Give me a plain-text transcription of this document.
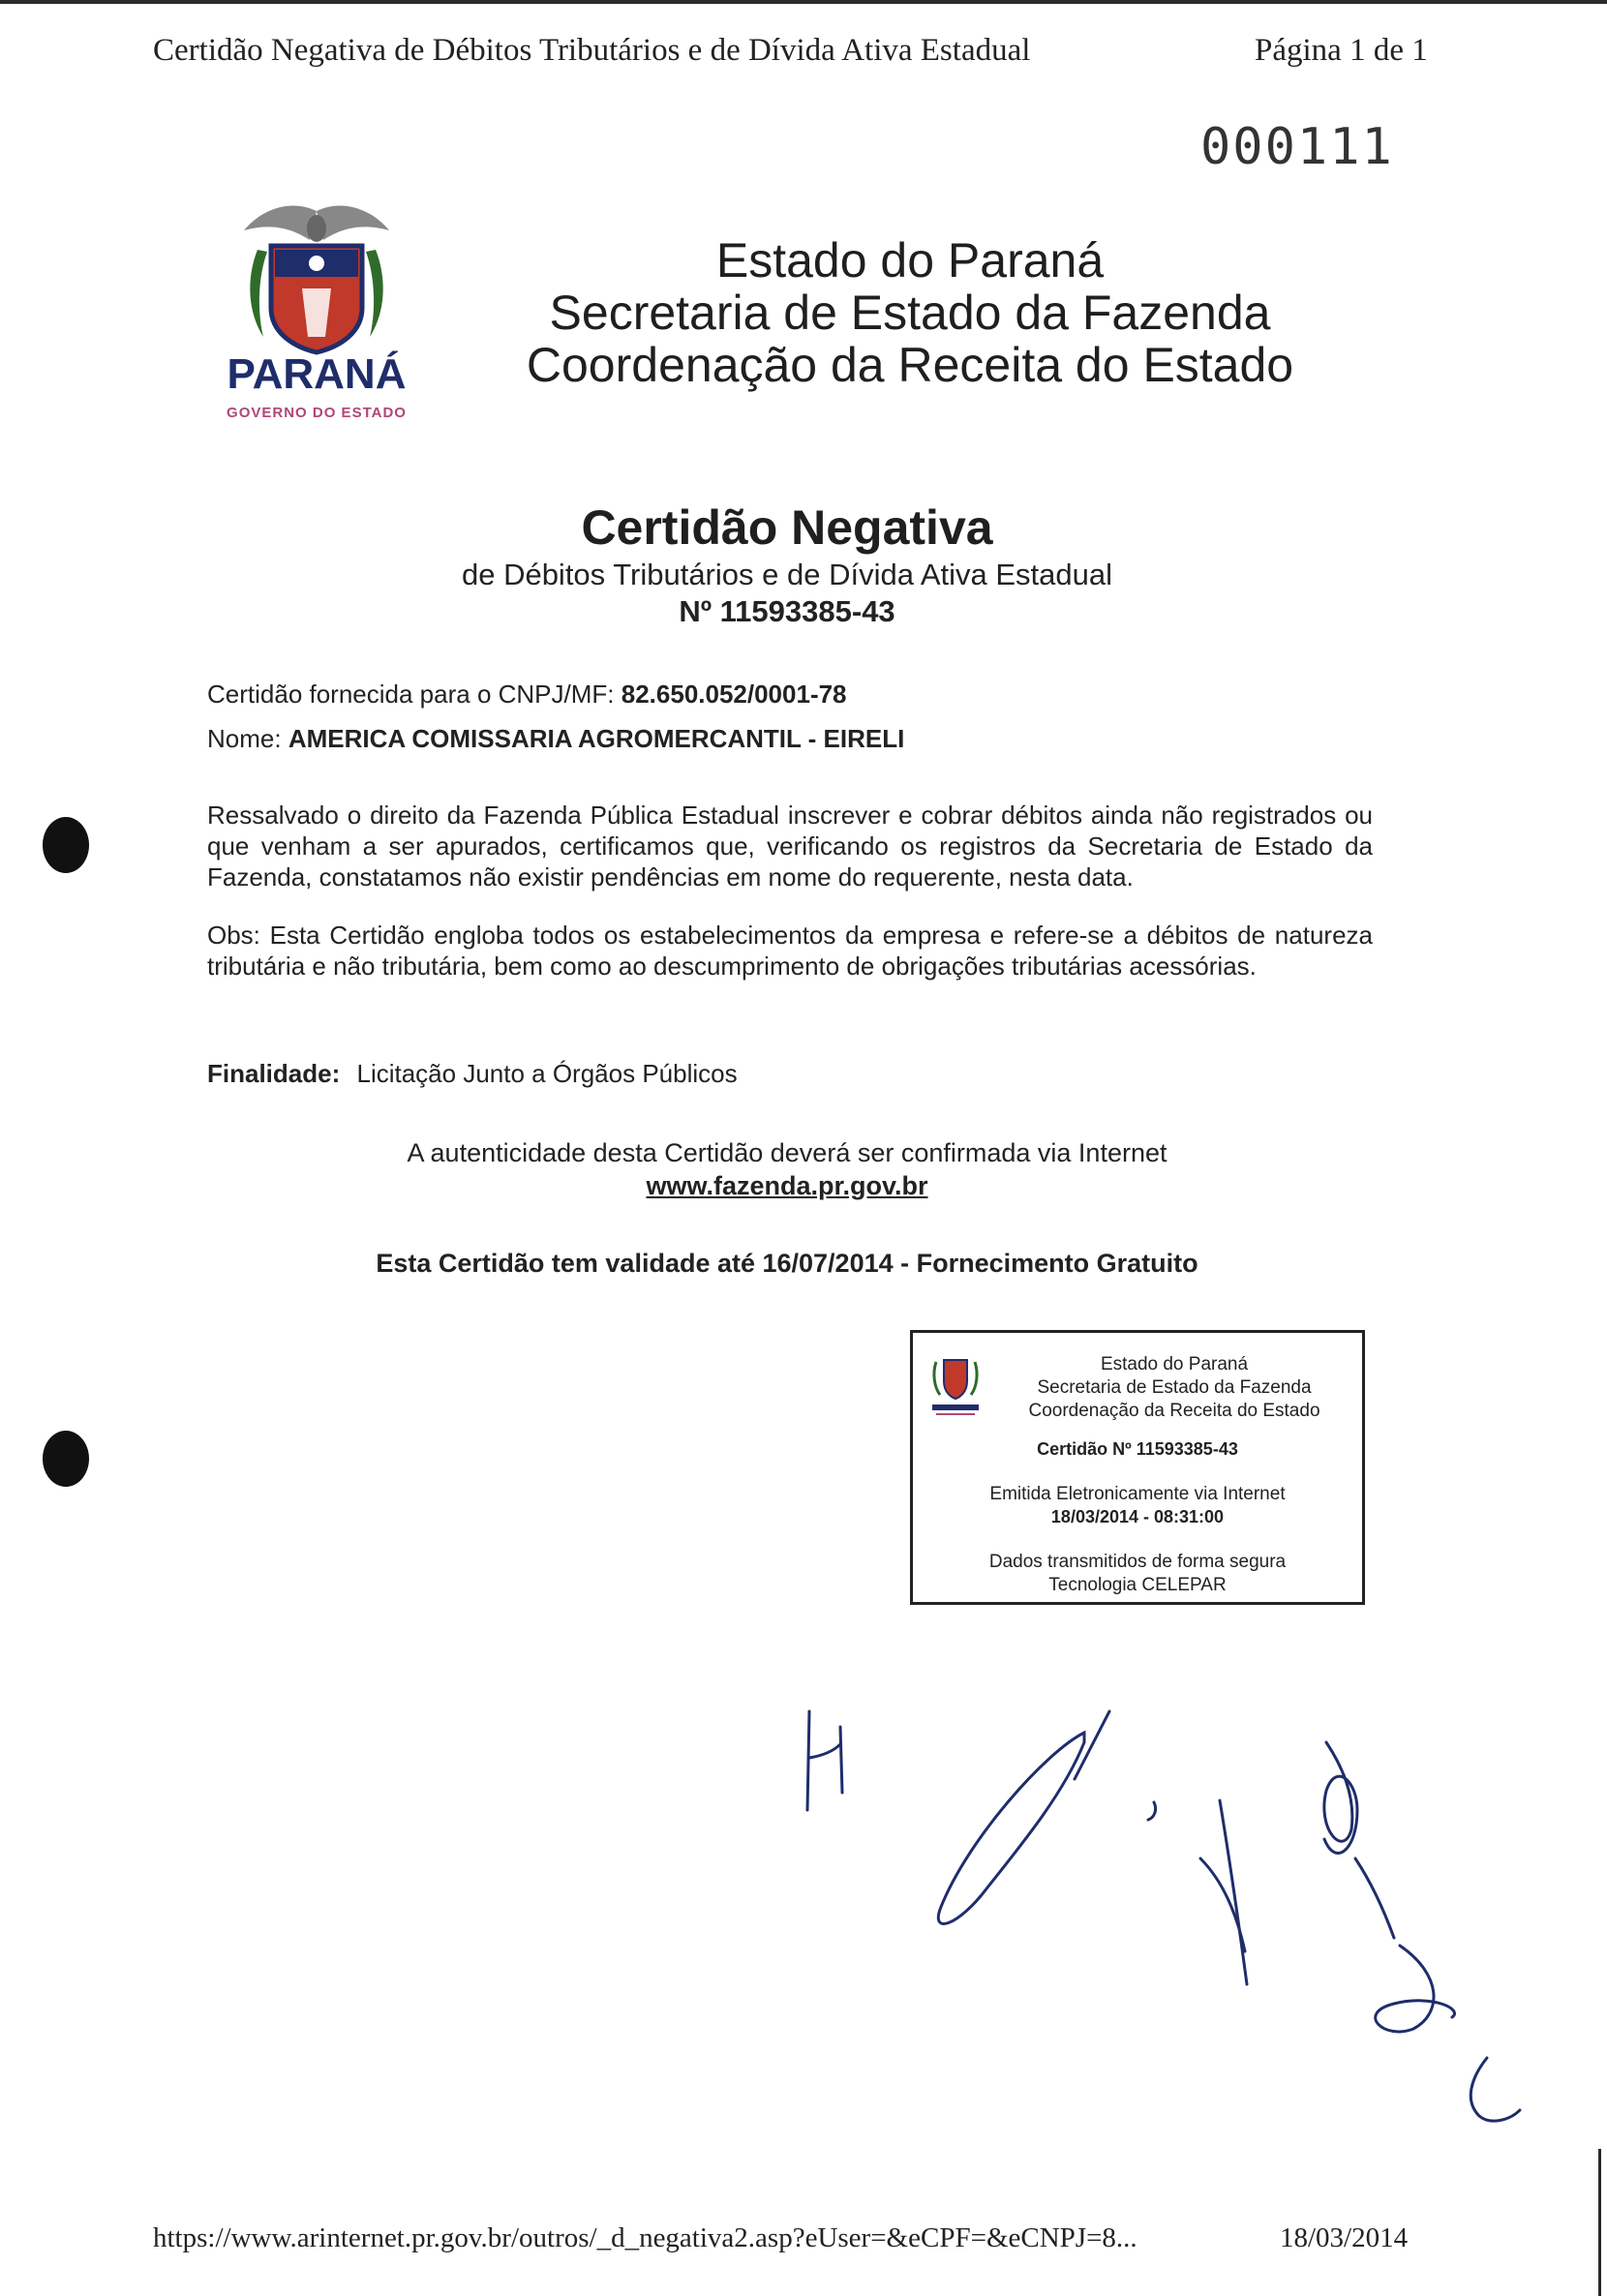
Certidão Negativa de Débitos Tributários e de Dívida Ativa Estadual	Página 1 de 1
000111
PARANÁ
GOVERNO DO ESTADO
Estado do Paraná
Secretaria de Estado da Fazenda
Coordenação da Receita do Estado
Certidão Negativa
de Débitos Tributários e de Dívida Ativa Estadual
Nº 11593385-43
Certidão fornecida para o CNPJ/MF: 82.650.052/0001-78
Nome: AMERICA COMISSARIA AGROMERCANTIL - EIRELI
Ressalvado o direito da Fazenda Pública Estadual inscrever e cobrar débitos ainda não registrados ou que venham a ser apurados, certificamos que, verificando os registros da Secretaria de Estado da Fazenda, constatamos não existir pendências em nome do requerente, nesta data.
Obs: Esta Certidão engloba todos os estabelecimentos da empresa e refere-se a débitos de natureza tributária e não tributária, bem como ao descumprimento de obrigações tributárias acessórias.
Finalidade: Licitação Junto a Órgãos Públicos
A autenticidade desta Certidão deverá ser confirmada via Internet
www.fazenda.pr.gov.br
Esta Certidão tem validade até 16/07/2014 - Fornecimento Gratuito
Estado do Paraná
Secretaria de Estado da Fazenda
Coordenação da Receita do Estado
Certidão Nº 11593385-43
Emitida Eletronicamente via Internet
18/03/2014 - 08:31:00
Dados transmitidos de forma segura
Tecnologia CELEPAR
https://www.arinternet.pr.gov.br/outros/_d_negativa2.asp?eUser=&eCPF=&eCNPJ=8...	18/03/2014
